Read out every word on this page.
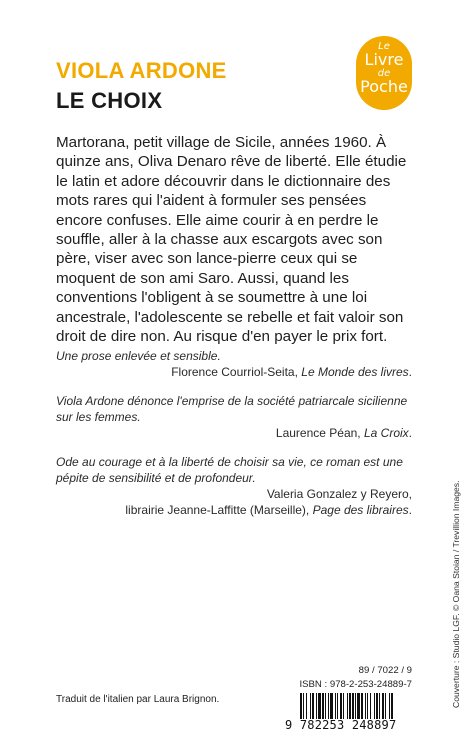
VIOLA ARDONE
LE CHOIX
Le
Livre
de
Poche

Martorana, petit village de Sicile, années 1960. À quinze ans, Oliva Denaro rêve de liberté. Elle étudie le latin et adore découvrir dans le dictionnaire des mots rares qui l'aident à formuler ses pensées encore confuses. Elle aime courir à en perdre le souffle, aller à la chasse aux escargots avec son père, viser avec son lance-pierre ceux qui se moquent de son ami Saro. Aussi, quand les conventions l'obligent à se soumettre à une loi ancestrale, l'adolescente se rebelle et fait valoir son droit de dire non. Au risque d'en payer le prix fort.

Une prose enlevée et sensible.
Florence Courriol-Seita, Le Monde des livres.
Viola Ardone dénonce l'emprise de la société patriarcale sicilienne sur les femmes.
Laurence Péan, La Croix.
Ode au courage et à la liberté de choisir sa vie, ce roman est une pépite de sensibilité et de profondeur.
Valeria Gonzalez y Reyero,
librairie Jeanne-Laffitte (Marseille), Page des libraires.	Couverture : Studio LGF. © Oana Stoian / Trevillion Images.
89 / 7022 / 9
ISBN : 978-2-253-24889-7
Traduit de l'italien par Laura Brignon.
9 782253 248897
